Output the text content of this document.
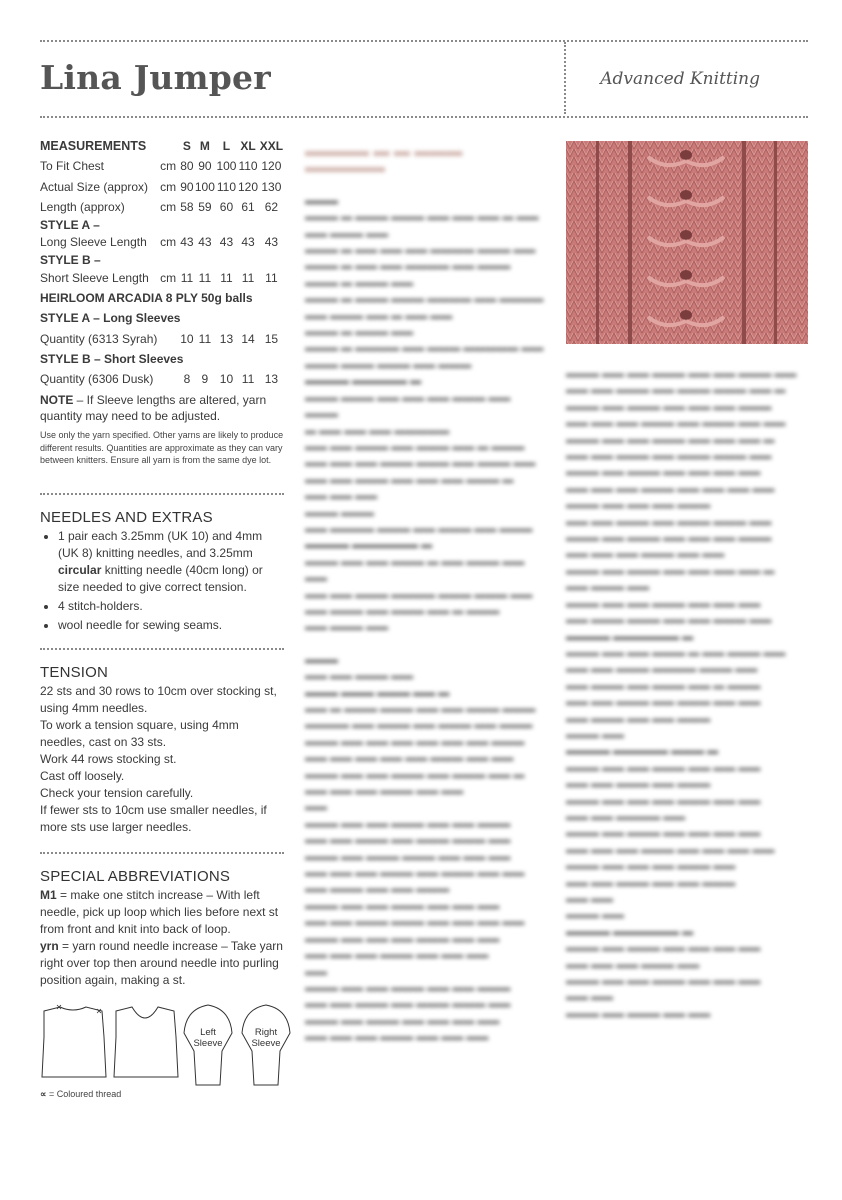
Lina Jumper	Advanced Knitting
MEASUREMENTS		S	M	L	XL	XXL
To Fit Chest	cm	80	90	100	110	120
Actual Size (approx)	cm	90	100	110	120	130
Length (approx)	cm	58	59	60	61	62
STYLE A –						
Long Sleeve Length	cm	43	43	43	43	43
STYLE B –						
Short Sleeve Length	cm	11	11	11	11	11
HEIRLOOM ARCADIA 8 PLY 50g balls						
STYLE A – Long Sleeves						
Quantity (6313 Syrah)		10	11	13	14	15
STYLE B – Short Sleeves						
Quantity (6306 Dusk)		8	9	10	11	13
NOTE – If Sleeve lengths are altered, yarn quantity may need to be adjusted.
Use only the yarn specified. Other yarns are likely to produce different results. Quantities are approximate as they can vary between knitters. Ensure all yarn is from the same dye lot.
NEEDLES AND EXTRAS
• 1 pair each 3.25mm (UK 10) and 4mm (UK 8) knitting needles, and 3.25mm circular knitting needle (40cm long) or size needed to give correct tension.
• 4 stitch-holders.
• wool needle for sewing seams.
TENSION

22 sts and 30 rows to 10cm over stocking st, using 4mm needles.

To work a tension square, using 4mm needles, cast on 33 sts.

Work 44 rows stocking st.

Cast off loosely.

Check your tension carefully.

If fewer sts to 10cm use smaller needles, if more sts use larger needles.

SPECIAL ABBREVIATIONS

M1 = make one stitch increase – With left needle, pick up loop which lies before next st from front and knit into back of loop.

yrn = yarn round needle increase – Take yarn right over top then around needle into purling position again, making a st.

Left
Sleeve
Right
Sleeve
∝ = Coloured thread
▬▬▬▬ ▬ ▬ ▬▬▬ ▬▬▬▬▬
▬▬▬
▬▬▬ ▬ ▬▬▬ ▬▬▬ ▬▬ ▬▬ ▬▬ ▬ ▬▬
▬▬ ▬▬▬ ▬▬
▬▬▬ ▬ ▬▬ ▬▬ ▬▬ ▬▬▬▬ ▬▬▬ ▬▬
▬▬▬ ▬ ▬▬ ▬▬ ▬▬▬▬ ▬▬ ▬▬▬
▬▬▬ ▬ ▬▬▬ ▬▬
▬▬▬ ▬ ▬▬▬ ▬▬▬ ▬▬▬▬ ▬▬ ▬▬▬▬
▬▬ ▬▬▬ ▬▬ ▬ ▬▬ ▬▬
▬▬▬ ▬ ▬▬▬ ▬▬
▬▬▬ ▬ ▬▬▬▬ ▬▬ ▬▬▬ ▬▬▬▬▬ ▬▬
▬▬▬ ▬▬▬ ▬▬▬ ▬▬ ▬▬▬
▬▬▬▬ ▬▬▬▬▬ ▬
▬▬▬ ▬▬▬ ▬▬ ▬▬ ▬▬ ▬▬▬ ▬▬ ▬▬▬
▬ ▬▬ ▬▬ ▬▬ ▬▬▬▬▬
▬▬ ▬▬ ▬▬▬ ▬▬ ▬▬▬ ▬▬ ▬ ▬▬▬
▬▬ ▬▬ ▬▬ ▬▬▬ ▬▬▬ ▬▬ ▬▬▬ ▬▬
▬▬ ▬▬ ▬▬▬ ▬▬ ▬▬ ▬▬ ▬▬▬ ▬
▬▬ ▬▬ ▬▬
▬▬▬ ▬▬▬
▬▬ ▬▬▬▬ ▬▬▬ ▬▬ ▬▬▬ ▬▬ ▬▬▬
▬▬▬▬ ▬▬▬▬▬▬ ▬
▬▬▬ ▬▬ ▬▬ ▬▬▬ ▬ ▬▬ ▬▬▬ ▬▬ ▬▬
▬▬ ▬▬ ▬▬▬ ▬▬▬▬ ▬▬▬ ▬▬▬ ▬▬
▬▬ ▬▬▬ ▬▬ ▬▬▬ ▬▬ ▬ ▬▬▬
▬▬ ▬▬▬ ▬▬
▬▬▬
▬▬ ▬▬ ▬▬▬ ▬▬
▬▬▬ ▬▬▬ ▬▬▬ ▬▬ ▬
▬▬ ▬ ▬▬▬ ▬▬▬ ▬▬ ▬▬ ▬▬▬ ▬▬▬
▬▬▬▬ ▬▬ ▬▬▬ ▬▬ ▬▬▬ ▬▬ ▬▬▬
▬▬▬ ▬▬ ▬▬ ▬▬ ▬▬ ▬▬ ▬▬ ▬▬▬
▬▬ ▬▬ ▬▬ ▬▬ ▬▬ ▬▬▬ ▬▬ ▬▬
▬▬▬ ▬▬ ▬▬ ▬▬▬ ▬▬ ▬▬▬ ▬▬ ▬
▬▬ ▬▬ ▬▬ ▬▬▬ ▬▬ ▬▬
▬▬
▬▬▬ ▬▬ ▬▬ ▬▬▬ ▬▬ ▬▬ ▬▬▬
▬▬ ▬▬ ▬▬▬ ▬▬ ▬▬▬ ▬▬▬ ▬▬
▬▬▬ ▬▬ ▬▬▬ ▬▬▬ ▬▬ ▬▬ ▬▬
▬▬ ▬▬ ▬▬ ▬▬▬ ▬▬ ▬▬▬ ▬▬ ▬▬
▬▬ ▬▬▬ ▬▬ ▬▬ ▬▬▬
▬▬▬ ▬▬ ▬▬ ▬▬▬ ▬▬ ▬▬ ▬▬
▬▬ ▬▬ ▬▬▬ ▬▬▬ ▬▬ ▬▬ ▬▬ ▬▬
▬▬▬ ▬▬ ▬▬ ▬▬ ▬▬▬ ▬▬ ▬▬
▬▬ ▬▬ ▬▬ ▬▬▬ ▬▬ ▬▬ ▬▬
▬▬
▬▬▬ ▬▬ ▬▬ ▬▬▬ ▬▬ ▬▬ ▬▬▬
▬▬ ▬▬ ▬▬▬ ▬▬ ▬▬▬ ▬▬▬ ▬▬
▬▬▬ ▬▬ ▬▬▬ ▬▬ ▬▬ ▬▬ ▬▬
▬▬ ▬▬ ▬▬ ▬▬▬ ▬▬ ▬▬ ▬▬
▬▬▬ ▬▬ ▬▬ ▬▬▬ ▬▬ ▬▬ ▬▬▬ ▬▬
▬▬ ▬▬ ▬▬▬ ▬▬ ▬▬▬ ▬▬▬ ▬▬ ▬
▬▬▬ ▬▬ ▬▬▬ ▬▬ ▬▬ ▬▬ ▬▬▬
▬▬ ▬▬ ▬▬ ▬▬▬ ▬▬ ▬▬▬ ▬▬ ▬▬
▬▬▬ ▬▬ ▬▬ ▬▬▬ ▬▬ ▬▬ ▬▬ ▬
▬▬ ▬▬ ▬▬▬ ▬▬ ▬▬▬ ▬▬▬ ▬▬
▬▬▬ ▬▬ ▬▬▬ ▬▬ ▬▬ ▬▬ ▬▬
▬▬ ▬▬ ▬▬ ▬▬▬ ▬▬ ▬▬ ▬▬ ▬▬
▬▬▬ ▬▬ ▬▬ ▬▬ ▬▬▬
▬▬ ▬▬ ▬▬▬ ▬▬ ▬▬▬ ▬▬▬ ▬▬
▬▬▬ ▬▬ ▬▬▬ ▬▬ ▬▬ ▬▬ ▬▬▬
▬▬ ▬▬ ▬▬ ▬▬▬ ▬▬ ▬▬
▬▬▬ ▬▬ ▬▬▬ ▬▬ ▬▬ ▬▬ ▬▬ ▬
▬▬ ▬▬▬ ▬▬
▬▬▬ ▬▬ ▬▬ ▬▬▬ ▬▬ ▬▬ ▬▬
▬▬ ▬▬▬ ▬▬▬ ▬▬ ▬▬ ▬▬▬ ▬▬
▬▬▬▬ ▬▬▬▬▬▬ ▬
▬▬▬ ▬▬ ▬▬ ▬▬▬ ▬ ▬▬ ▬▬▬ ▬▬
▬▬ ▬▬ ▬▬▬ ▬▬▬▬ ▬▬▬ ▬▬
▬▬ ▬▬▬ ▬▬ ▬▬▬ ▬▬ ▬ ▬▬▬
▬▬ ▬▬ ▬▬▬ ▬▬ ▬▬▬ ▬▬ ▬▬
▬▬ ▬▬▬ ▬▬ ▬▬ ▬▬▬
▬▬▬ ▬▬
▬▬▬▬ ▬▬▬▬▬ ▬▬▬ ▬
▬▬▬ ▬▬ ▬▬ ▬▬▬ ▬▬ ▬▬ ▬▬
▬▬ ▬▬ ▬▬▬ ▬▬ ▬▬▬
▬▬▬ ▬▬ ▬▬ ▬▬ ▬▬▬ ▬▬ ▬▬
▬▬ ▬▬ ▬▬▬▬ ▬▬
▬▬▬ ▬▬ ▬▬▬ ▬▬ ▬▬ ▬▬ ▬▬
▬▬ ▬▬ ▬▬ ▬▬▬ ▬▬ ▬▬ ▬▬ ▬▬
▬▬▬ ▬▬ ▬▬ ▬▬ ▬▬▬ ▬▬
▬▬ ▬▬ ▬▬▬ ▬▬ ▬▬ ▬▬▬
▬▬ ▬▬
▬▬▬ ▬▬
▬▬▬▬ ▬▬▬▬▬▬ ▬
▬▬▬ ▬▬ ▬▬▬ ▬▬ ▬▬ ▬▬ ▬▬
▬▬ ▬▬ ▬▬ ▬▬▬ ▬▬
▬▬▬ ▬▬ ▬▬ ▬▬▬ ▬▬ ▬▬ ▬▬
▬▬ ▬▬
▬▬▬ ▬▬ ▬▬▬ ▬▬ ▬▬
